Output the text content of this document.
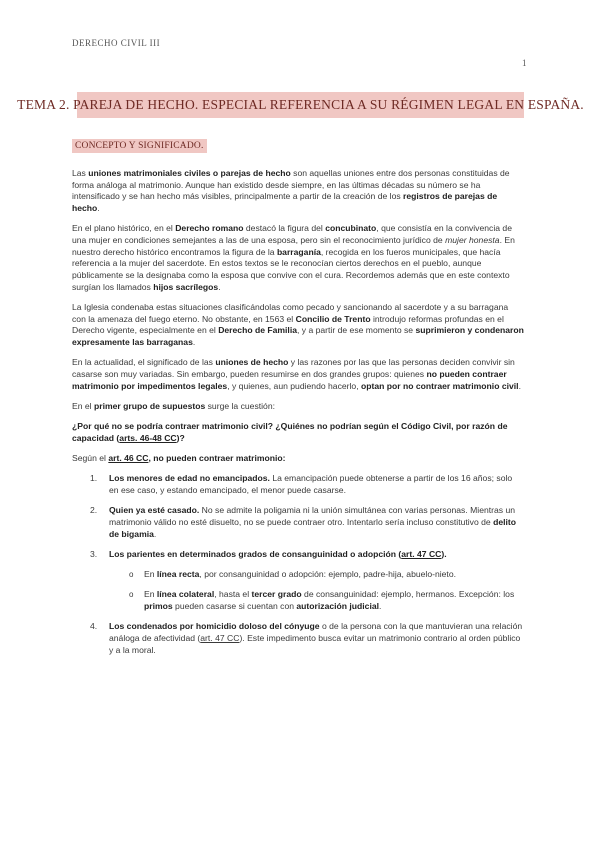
DERECHO CIVIL III
1
TEMA 2. PAREJA DE HECHO. ESPECIAL REFERENCIA A SU RÉGIMEN LEGAL EN ESPAÑA.
CONCEPTO Y SIGNIFICADO.

Las uniones matrimoniales civiles o parejas de hecho son aquellas uniones entre dos personas constituidas de forma análoga al matrimonio. Aunque han existido desde siempre, en las últimas décadas su número se ha intensificado y se han hecho más visibles, principalmente a partir de la creación de los registros de parejas de hecho.

En el plano histórico, en el Derecho romano destacó la figura del concubinato, que consistía en la convivencia de una mujer en condiciones semejantes a las de una esposa, pero sin el reconocimiento jurídico de mujer honesta. En nuestro derecho histórico encontramos la figura de la barraganía, recogida en los fueros municipales, que hacía referencia a la mujer del sacerdote. En estos textos se le reconocían ciertos derechos en el pueblo, aunque públicamente se la designaba como la esposa que convive con el cura. Recordemos además que en este contexto surgían los llamados hijos sacrílegos.

La Iglesia condenaba estas situaciones clasificándolas como pecado y sancionando al sacerdote y a su barragana con la amenaza del fuego eterno. No obstante, en 1563 el Concilio de Trento introdujo reformas profundas en el Derecho vigente, especialmente en el Derecho de Familia, y a partir de ese momento se suprimieron y condenaron expresamente las barraganas.

En la actualidad, el significado de las uniones de hecho y las razones por las que las personas deciden convivir sin casarse son muy variadas. Sin embargo, pueden resumirse en dos grandes grupos: quienes no pueden contraer matrimonio por impedimentos legales, y quienes, aun pudiendo hacerlo, optan por no contraer matrimonio civil.

En el primer grupo de supuestos surge la cuestión:

¿Por qué no se podría contraer matrimonio civil? ¿Quiénes no podrían según el Código Civil, por razón de capacidad (arts. 46-48 CC)?

Según el art. 46 CC, no pueden contraer matrimonio:

1. Los menores de edad no emancipados. La emancipación puede obtenerse a partir de los 16 años; solo en ese caso, y estando emancipado, el menor puede casarse.
2. Quien ya esté casado. No se admite la poligamia ni la unión simultánea con varias personas. Mientras un matrimonio válido no esté disuelto, no se puede contraer otro. Intentarlo sería incluso constitutivo de delito de bigamia.
3. Los parientes en determinados grados de consanguinidad o adopción (art. 47 CC).
o En línea recta, por consanguinidad o adopción: ejemplo, padre-hija, abuelo-nieto.
o En línea colateral, hasta el tercer grado de consanguinidad: ejemplo, hermanos. Excepción: los primos pueden casarse si cuentan con autorización judicial.
4. Los condenados por homicidio doloso del cónyuge o de la persona con la que mantuvieran una relación análoga de afectividad (art. 47 CC). Este impedimento busca evitar un matrimonio contrario al orden público y a la moral.
